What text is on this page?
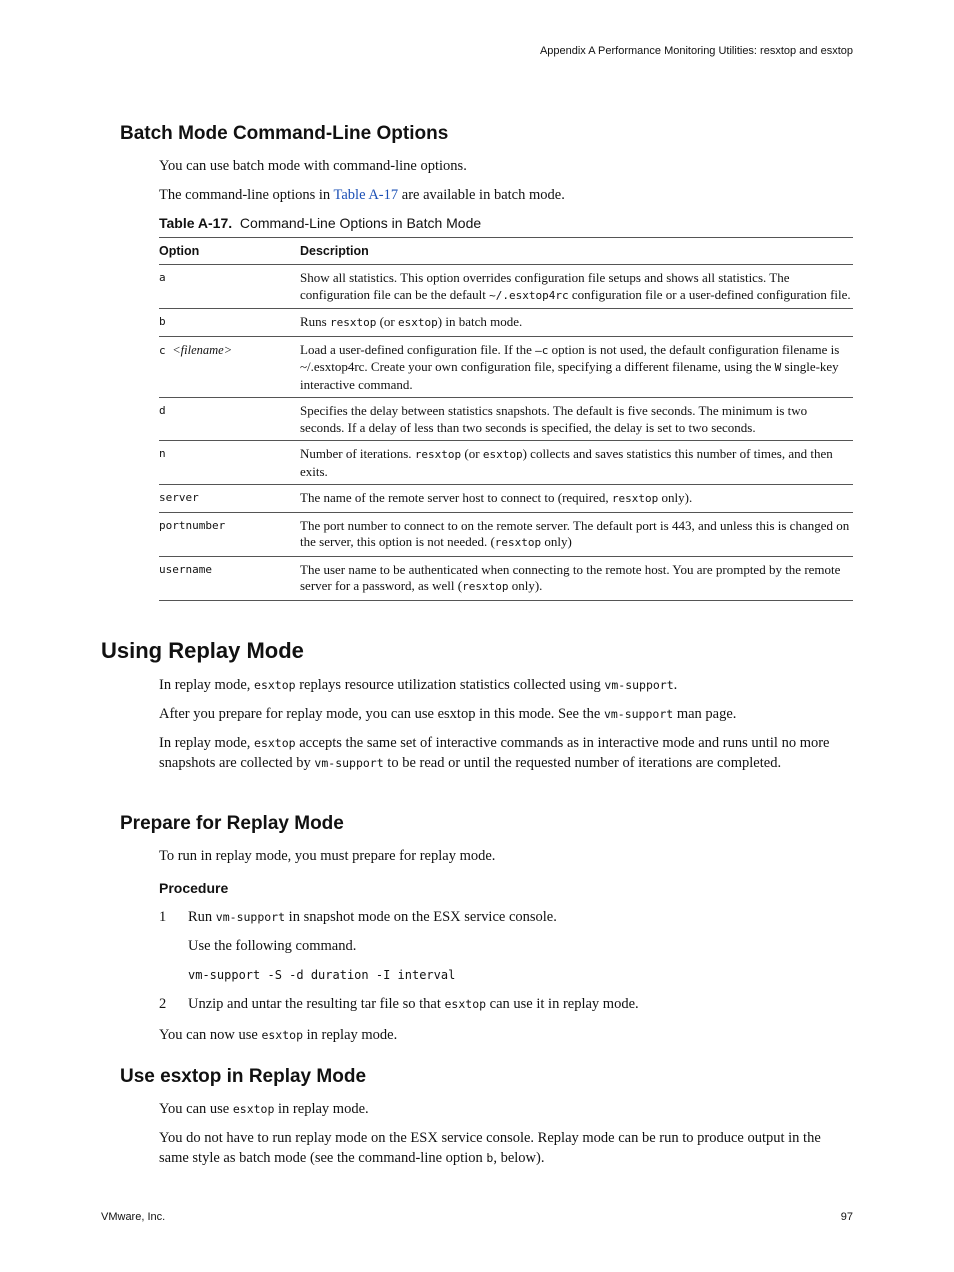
Appendix A Performance Monitoring Utilities: resxtop and esxtop
Batch Mode Command-Line Options
You can use batch mode with command-line options.
The command-line options in Table A-17 are available in batch mode.
Table A-17. Command-Line Options in Batch Mode
Option	Description
a	Show all statistics. This option overrides configuration file setups and shows all statistics. The configuration file can be the default ~/.esxtop4rc configuration file or a user-defined configuration file.
b	Runs resxtop (or esxtop) in batch mode.
c <filename>	Load a user-defined configuration file. If the –c option is not used, the default configuration filename is ~/.esxtop4rc. Create your own configuration file, specifying a different filename, using the W single-key interactive command.
d	Specifies the delay between statistics snapshots. The default is five seconds. The minimum is two seconds. If a delay of less than two seconds is specified, the delay is set to two seconds.
n	Number of iterations. resxtop (or esxtop) collects and saves statistics this number of times, and then exits.
server	The name of the remote server host to connect to (required, resxtop only).
portnumber	The port number to connect to on the remote server. The default port is 443, and unless this is changed on the server, this option is not needed. (resxtop only)
username	The user name to be authenticated when connecting to the remote host. You are prompted by the remote server for a password, as well (resxtop only).
Using Replay Mode
In replay mode, esxtop replays resource utilization statistics collected using vm-support.
After you prepare for replay mode, you can use esxtop in this mode. See the vm-support man page.
In replay mode, esxtop accepts the same set of interactive commands as in interactive mode and runs until no more snapshots are collected by vm-support to be read or until the requested number of iterations are completed.
Prepare for Replay Mode
To run in replay mode, you must prepare for replay mode.
Procedure
1 Run vm-support in snapshot mode on the ESX service console.
Use the following command.
vm-support -S -d duration -I interval
2 Unzip and untar the resulting tar file so that esxtop can use it in replay mode.
You can now use esxtop in replay mode.
Use esxtop in Replay Mode
You can use esxtop in replay mode.
You do not have to run replay mode on the ESX service console. Replay mode can be run to produce output in the same style as batch mode (see the command-line option b, below).
VMware, Inc.	97
